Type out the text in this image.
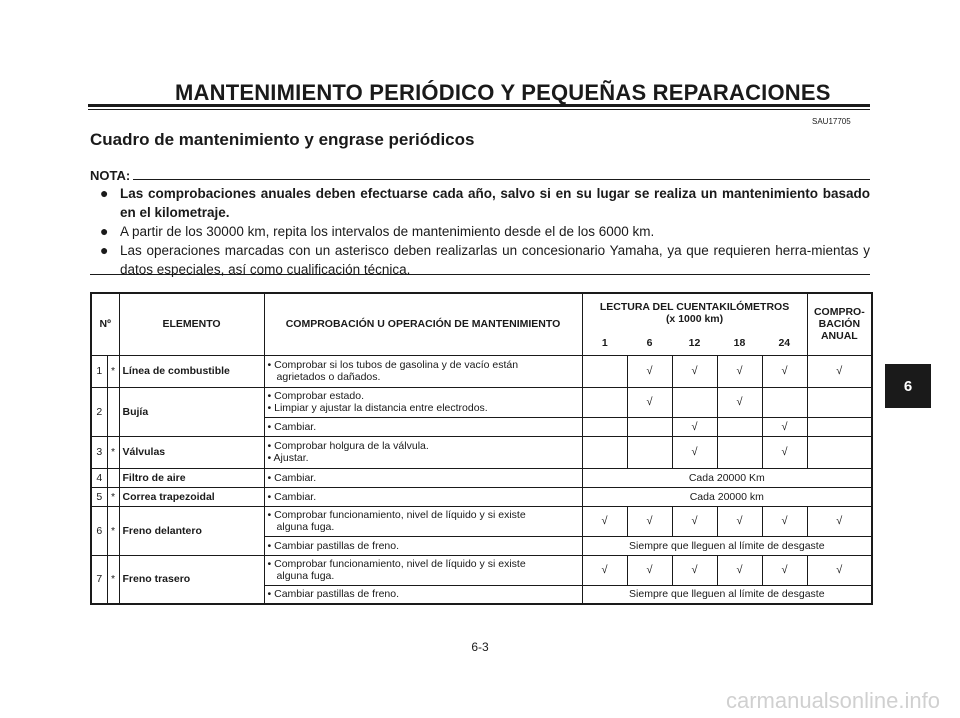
MANTENIMIENTO PERIÓDICO Y PEQUEÑAS REPARACIONES
SAU17705
Cuadro de mantenimiento y engrase periódicos
NOTA:
● Las comprobaciones anuales deben efectuarse cada año, salvo si en su lugar se realiza un mantenimiento basado en el kilometraje.
● A partir de los 30000 km, repita los intervalos de mantenimiento desde el de los 6000 km.
● Las operaciones marcadas con un asterisco deben realizarlas un concesionario Yamaha, ya que requieren herra-mientas y datos especiales, así como cualificación técnica.
Nº		ELEMENTO	COMPROBACIÓN U OPERACIÓN DE MANTENIMIENTO	LECTURA DEL CUENTAKILÓMETROS
(x 1000 km)					COMPRO-BACIÓN ANUAL
				1	6	12	18	24	
1	*	Línea de combustible	• Comprobar si los tubos de gasolina y de vacío están
agrietados o dañados.		√	√	√	√	√
2		Bujía	• Comprobar estado.
• Limpiar y ajustar la distancia entre electrodos.		√		√		
			• Cambiar.			√		√	
3	*	Válvulas	• Comprobar holgura de la válvula.
• Ajustar.			√		√	
4		Filtro de aire	• Cambiar.	Cada 20000 Km					
5	*	Correa trapezoidal	• Cambiar.	Cada 20000 km					
6	*	Freno delantero	• Comprobar funcionamiento, nivel de líquido y si existe
alguna fuga.	√	√	√	√	√	√
			• Cambiar pastillas de freno.	Siempre que lleguen al límite de desgaste					
7	*	Freno trasero	• Comprobar funcionamiento, nivel de líquido y si existe
alguna fuga.	√	√	√	√	√	√
			• Cambiar pastillas de freno.	Siempre que lleguen al límite de desgaste					
6
6-3
carmanualsonline.info
